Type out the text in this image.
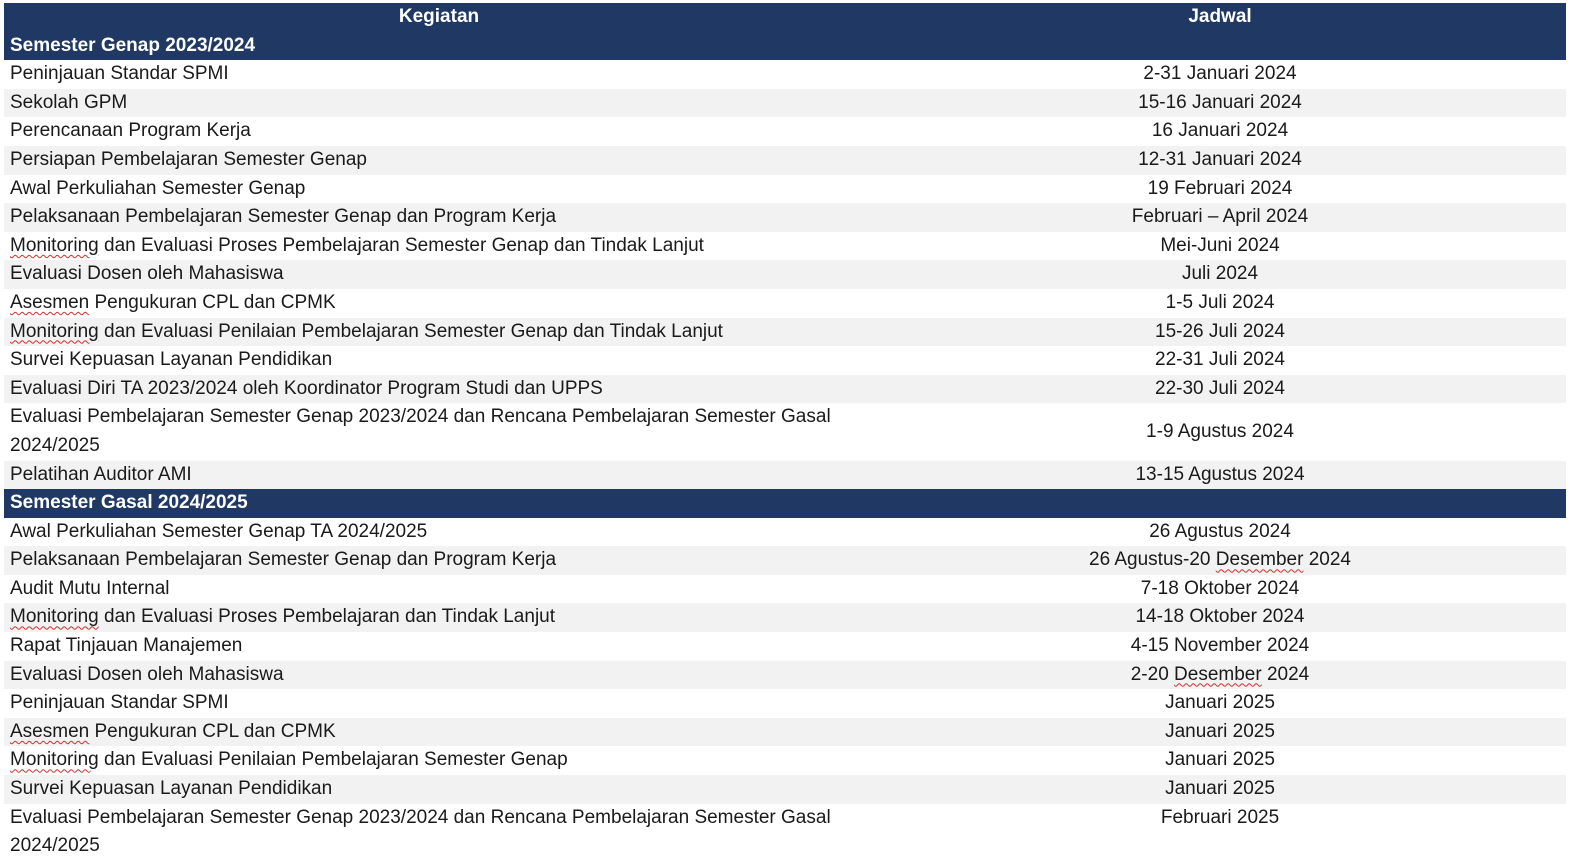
Kegiatan	Jadwal
Semester Genap 2023/2024	
Peninjauan Standar SPMI	2-31 Januari 2024
Sekolah GPM	15-16 Januari 2024
Perencanaan Program Kerja	16 Januari 2024
Persiapan Pembelajaran Semester Genap	12-31 Januari 2024
Awal Perkuliahan Semester Genap	19 Februari 2024
Pelaksanaan Pembelajaran Semester Genap dan Program Kerja	Februari – April 2024
Monitoring dan Evaluasi Proses Pembelajaran Semester Genap dan Tindak Lanjut	Mei-Juni 2024
Evaluasi Dosen oleh Mahasiswa	Juli 2024
Asesmen Pengukuran CPL dan CPMK	1-5 Juli 2024
Monitoring dan Evaluasi Penilaian Pembelajaran Semester Genap dan Tindak Lanjut	15-26 Juli 2024
Survei Kepuasan Layanan Pendidikan	22-31 Juli 2024
Evaluasi Diri TA 2023/2024 oleh Koordinator Program Studi dan UPPS	22-30 Juli 2024

Evaluasi Pembelajaran Semester Genap 2023/2024 dan Rencana Pembelajaran Semester Gasal
2024/2025	1-9 Agustus 2024
Pelatihan Auditor AMI	13-15 Agustus 2024
Semester Gasal 2024/2025	
Awal Perkuliahan Semester Genap TA 2024/2025	26 Agustus 2024
Pelaksanaan Pembelajaran Semester Genap dan Program Kerja	26 Agustus-20 Desember 2024
Audit Mutu Internal	7-18 Oktober 2024
Monitoring dan Evaluasi Proses Pembelajaran dan Tindak Lanjut	14-18 Oktober 2024
Rapat Tinjauan Manajemen	4-15 November 2024
Evaluasi Dosen oleh Mahasiswa	2-20 Desember 2024
Peninjauan Standar SPMI	Januari 2025
Asesmen Pengukuran CPL dan CPMK	Januari 2025
Monitoring dan Evaluasi Penilaian Pembelajaran Semester Genap	Januari 2025
Survei Kepuasan Layanan Pendidikan	Januari 2025

Evaluasi Pembelajaran Semester Genap 2023/2024 dan Rencana Pembelajaran Semester Gasal
2024/2025	Februari 2025
